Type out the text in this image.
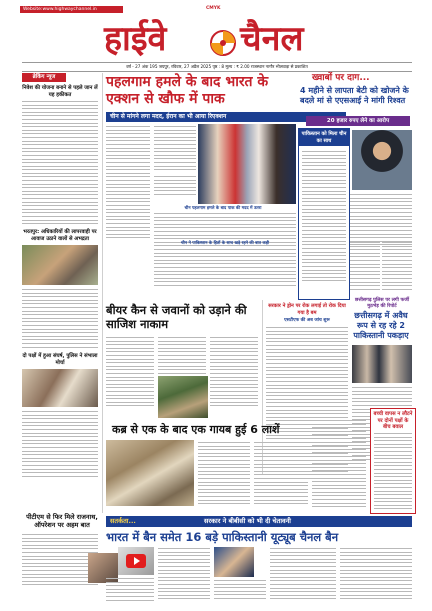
Website:www.highwaychannel.in	CMYK
हाईवे चैनल
वर्ष - 27 अंक 195 जयपुर, रविवार, 27 अप्रैल 2025 पृष्ठ : 8 मूल्य : ₹ 2.00 राजस्थान नागौर भीलवाड़ा से प्रकाशित
ब्रेकिंग न्यूज
निवेश की योजना बनाने से पहले जान लें यह हकीकत
भरतपुर: अधिकारियों की लापरवाही पर आवाज उठाने वालों से अभद्रता
दो पक्षों में हुआ संघर्ष, पुलिस ने संभाला मोर्चा
पीटीएम से फिर मिले राजनाथ, ऑपरेशन पर अहम बात
पहलगाम हमले के बाद भारत के एक्शन से खौफ में पाक
चीन से मांगने लगा मदद, ईरान का भी आया रिएक्शन
चीन पहलगाम हमले के बाद पाक की मदद में उतरा
चीन ने पाकिस्तान के हितों के साथ खड़े रहने की बात कही
पाकिस्तान को मिला चीन का साथ
ख्वाबों पर दाग...
4 महीने से लापता बेटी को खोजने के बदले मां से एएसआई ने मांगी रिश्वत
20 हजार रुपए लेने का आरोप
बीयर कैन से जवानों को उड़ाने की साजिश नाकाम
सरकार ने ड्रोन पर रोक लगाई तो रोक दिया गया है बम
एसटीएफ की अब जांच शुरू
छत्तीसगढ़ पुलिस पर लगी फर्जी मुठभेड़ की रिपोर्ट
छत्तीसगढ़ में अवैध रूप से रह रहे 2 पाकिस्तानी पकड़ाए
बच्ची वापस न लौटने पर दोनों पक्षों के बीच बवाल
कब्र से एक के बाद एक गायब हुई 6 लाशें
सतर्कता...	सरकार ने बीबीसी को भी दी चेतावनी
भारत में बैन समेत 16 बड़े पाकिस्तानी यूट्यूब चैनल बैन
